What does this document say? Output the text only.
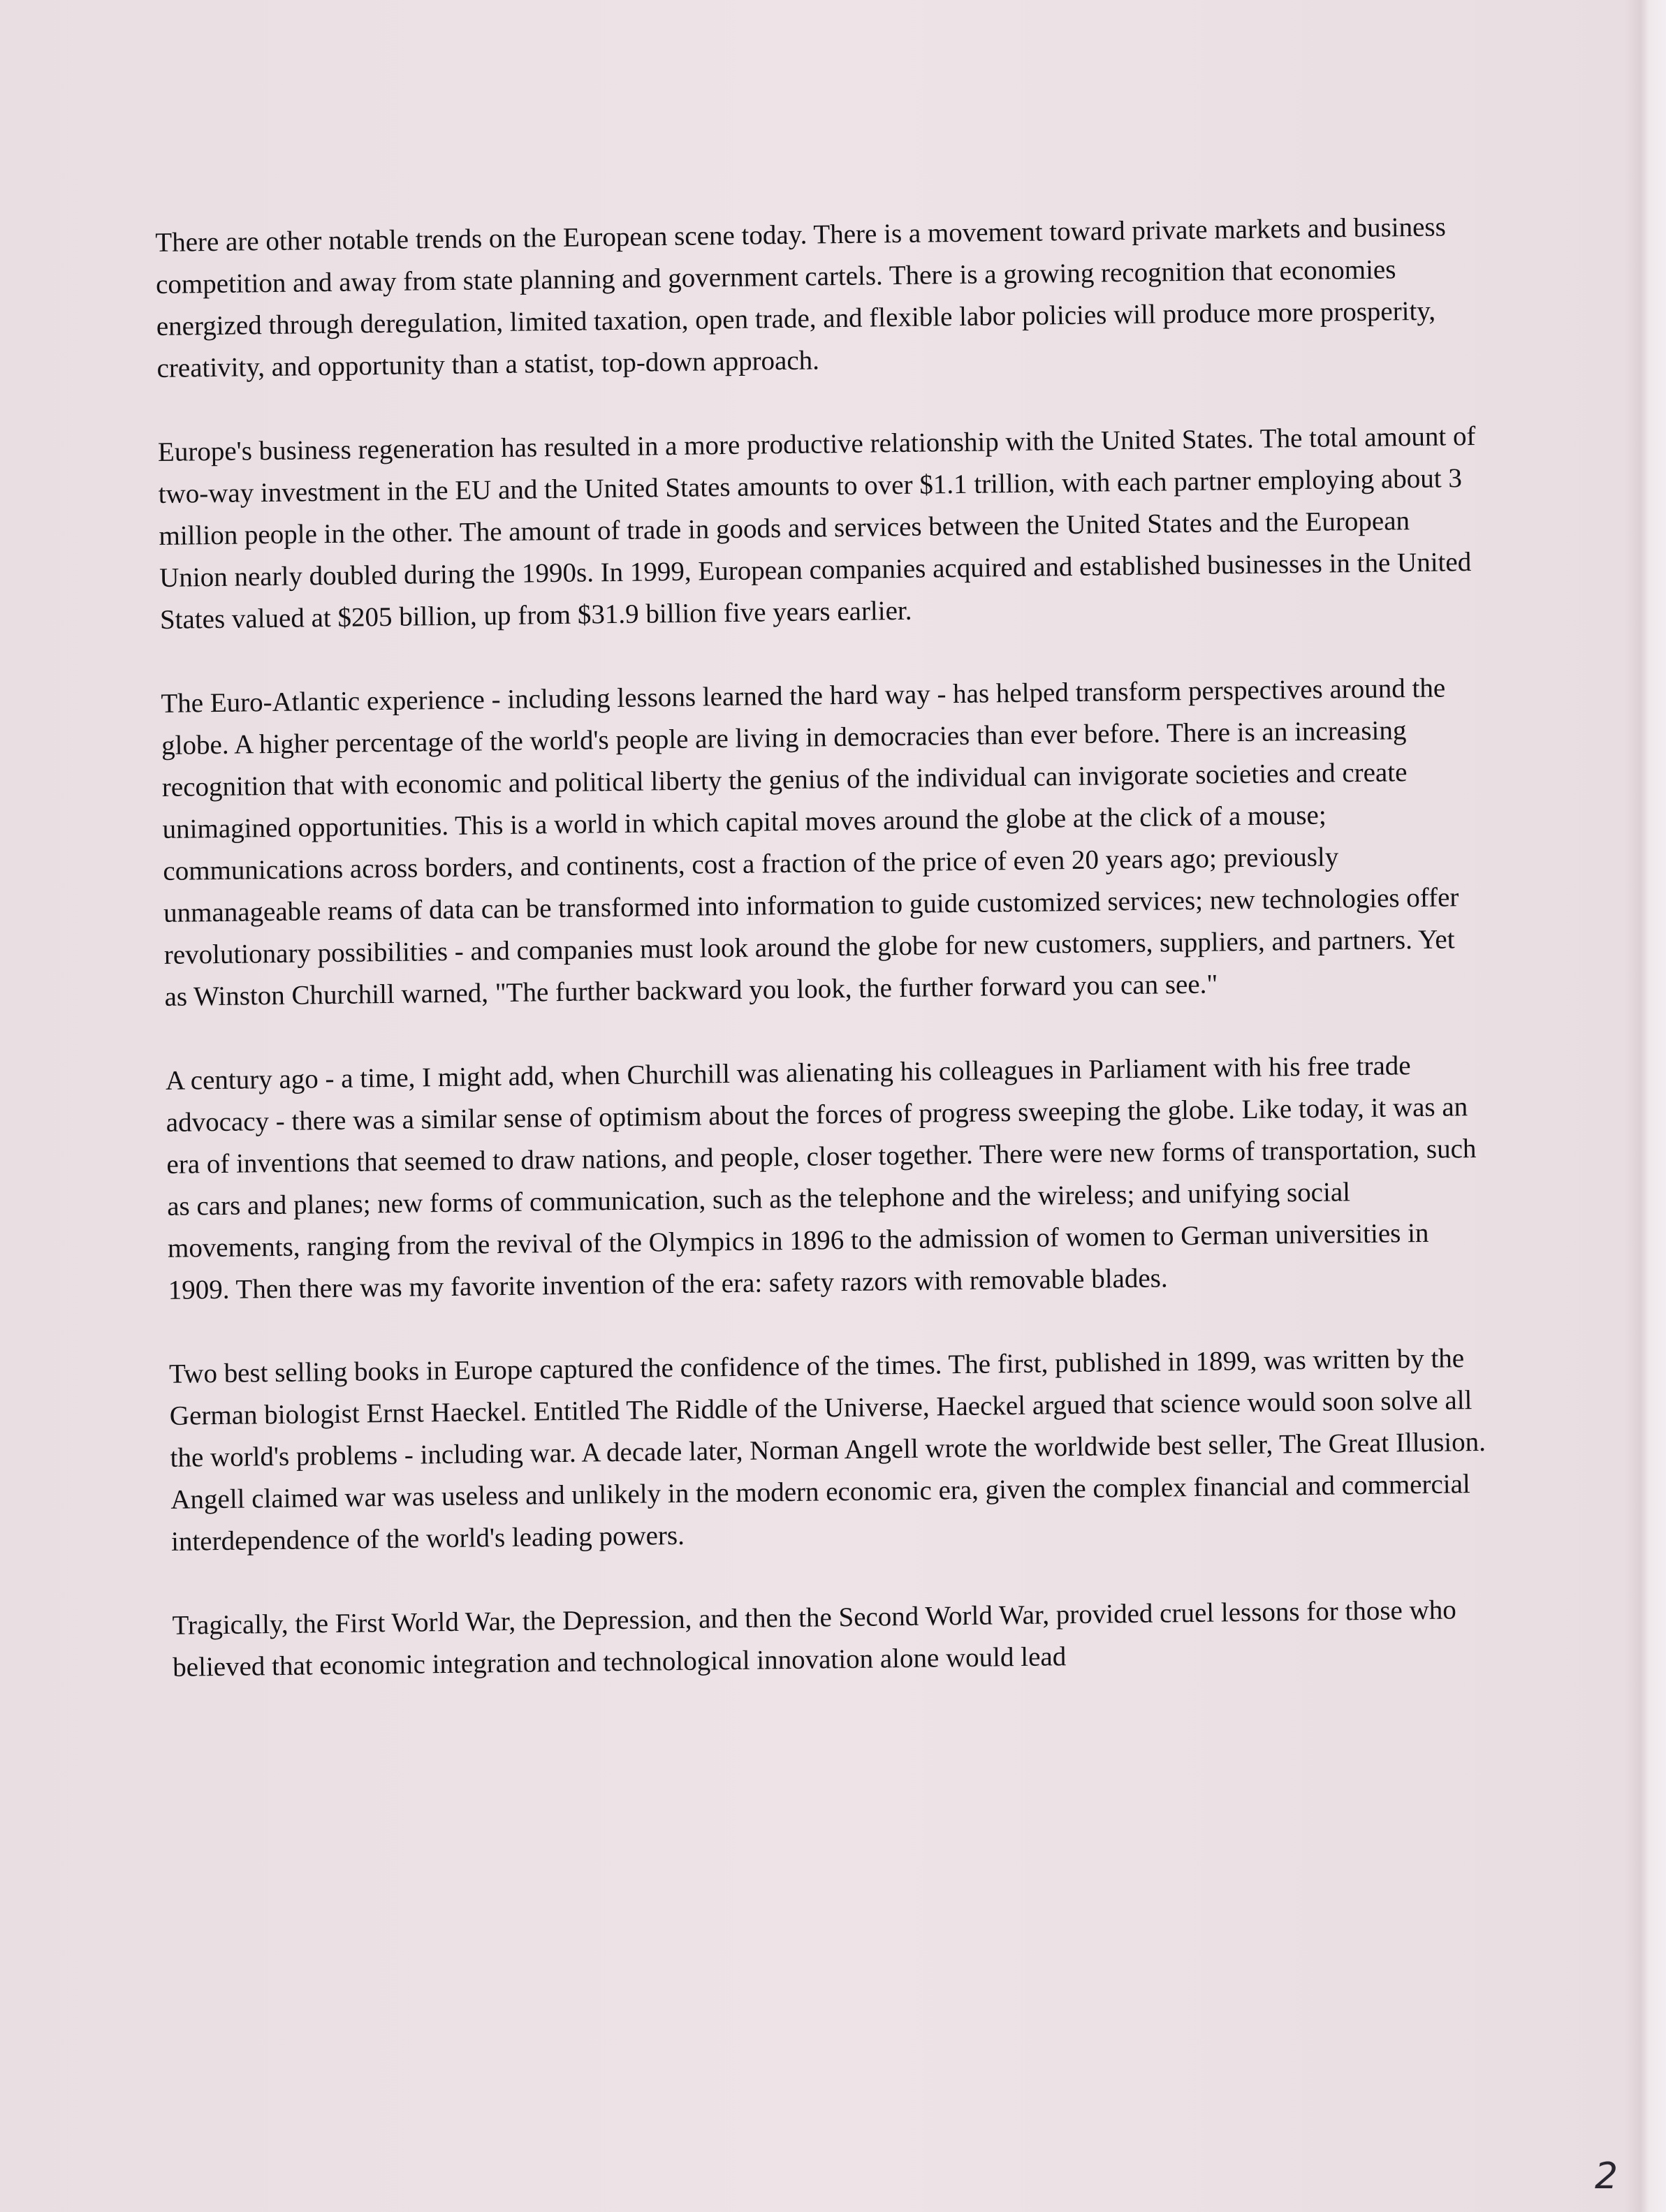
There are other notable trends on the European scene today. There is a movement toward private markets and business competition and away from state planning and government cartels. There is a growing recognition that economies energized through deregulation, limited taxation, open trade, and flexible labor policies will produce more prosperity, creativity, and opportunity than a statist, top-down approach.

Europe's business regeneration has resulted in a more productive relationship with the United States. The total amount of two-way investment in the EU and the United States amounts to over $1.1 trillion, with each partner employing about 3 million people in the other. The amount of trade in goods and services between the United States and the European Union nearly doubled during the 1990s. In 1999, European companies acquired and established businesses in the United States valued at $205 billion, up from $31.9 billion five years earlier.

The Euro-Atlantic experience - including lessons learned the hard way - has helped transform perspectives around the globe. A higher percentage of the world's people are living in democracies than ever before. There is an increasing recognition that with economic and political liberty the genius of the individual can invigorate societies and create unimagined opportunities. This is a world in which capital moves around the globe at the click of a mouse; communications across borders, and continents, cost a fraction of the price of even 20 years ago; previously unmanageable reams of data can be transformed into information to guide customized services; new technologies offer revolutionary possibilities - and companies must look around the globe for new customers, suppliers, and partners. Yet as Winston Churchill warned, "The further backward you look, the further forward you can see."

A century ago - a time, I might add, when Churchill was alienating his colleagues in Parliament with his free trade advocacy - there was a similar sense of optimism about the forces of progress sweeping the globe. Like today, it was an era of inventions that seemed to draw nations, and people, closer together. There were new forms of transportation, such as cars and planes; new forms of communication, such as the telephone and the wireless; and unifying social movements, ranging from the revival of the Olympics in 1896 to the admission of women to German universities in 1909. Then there was my favorite invention of the era: safety razors with removable blades.

Two best selling books in Europe captured the confidence of the times. The first, published in 1899, was written by the German biologist Ernst Haeckel. Entitled The Riddle of the Universe, Haeckel argued that science would soon solve all the world's problems - including war. A decade later, Norman Angell wrote the worldwide best seller, The Great Illusion. Angell claimed war was useless and unlikely in the modern economic era, given the complex financial and commercial interdependence of the world's leading powers.

Tragically, the First World War, the Depression, and then the Second World War, provided cruel lessons for those who believed that economic integration and technological innovation alone would lead

2
